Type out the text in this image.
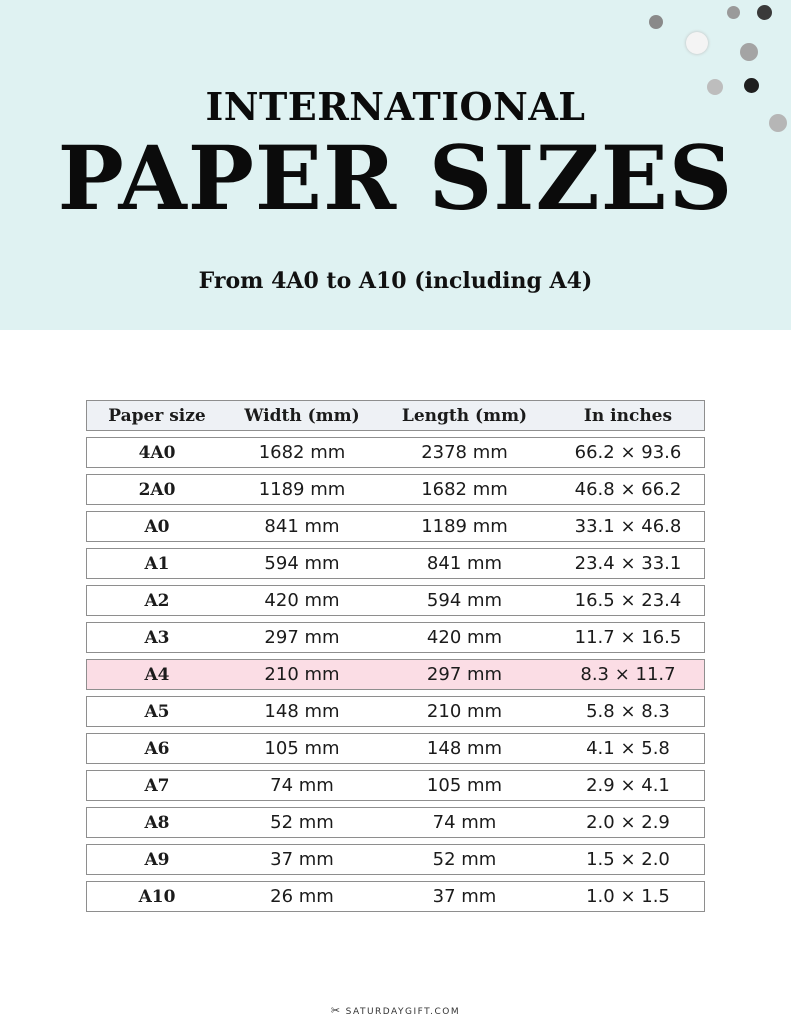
INTERNATIONAL
PAPER SIZES
From 4A0 to A10 (including A4)
Paper size	Width (mm)	Length (mm)	In inches
4A0	1682 mm	2378 mm	66.2 × 93.6
2A0	1189 mm	1682 mm	46.8 × 66.2
A0	841 mm	1189 mm	33.1 × 46.8
A1	594 mm	841 mm	23.4 × 33.1
A2	420 mm	594 mm	16.5 × 23.4
A3	297 mm	420 mm	11.7 × 16.5
A4	210 mm	297 mm	8.3 × 11.7
A5	148 mm	210 mm	5.8 × 8.3
A6	105 mm	148 mm	4.1 × 5.8
A7	74 mm	105 mm	2.9 × 4.1
A8	52 mm	74 mm	2.0 × 2.9
A9	37 mm	52 mm	1.5 × 2.0
A10	26 mm	37 mm	1.0 × 1.5
✂ SATURDAYGIFT.COM
